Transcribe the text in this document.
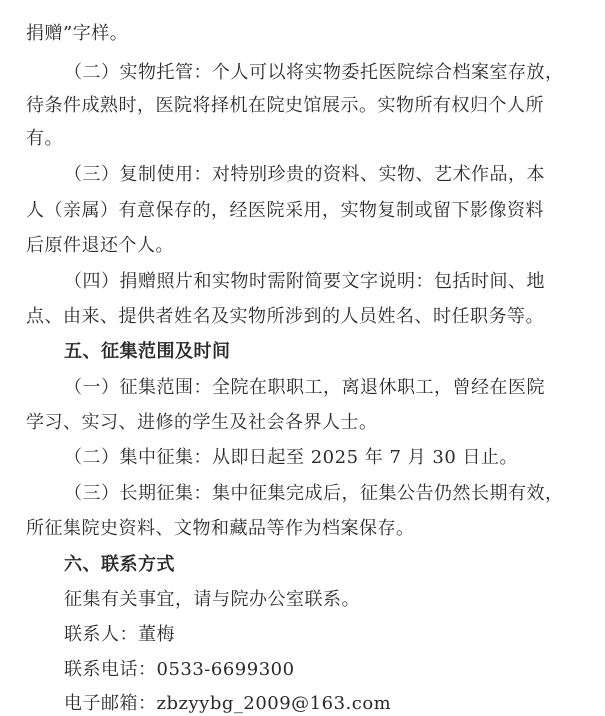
捐赠”字样。
（二）实物托管：个人可以将实物委托医院综合档案室存放，
待条件成熟时，医院将择机在院史馆展示。实物所有权归个人所
有。
（三）复制使用：对特别珍贵的资料、实物、艺术作品，本
人（亲属）有意保存的，经医院采用，实物复制或留下影像资料
后原件退还个人。
（四）捐赠照片和实物时需附简要文字说明：包括时间、地
点、由来、提供者姓名及实物所涉到的人员姓名、时任职务等。
五、征集范围及时间
（一）征集范围：全院在职职工，离退休职工，曾经在医院
学习、实习、进修的学生及社会各界人士。
（二）集中征集：从即日起至 2025 年 7 月 30 日止。
（三）长期征集：集中征集完成后，征集公告仍然长期有效，
所征集院史资料、文物和藏品等作为档案保存。
六、联系方式
征集有关事宜，请与院办公室联系。
联系人：董梅
联系电话：0533-6699300
电子邮箱：zbzyybg_2009@163.com
